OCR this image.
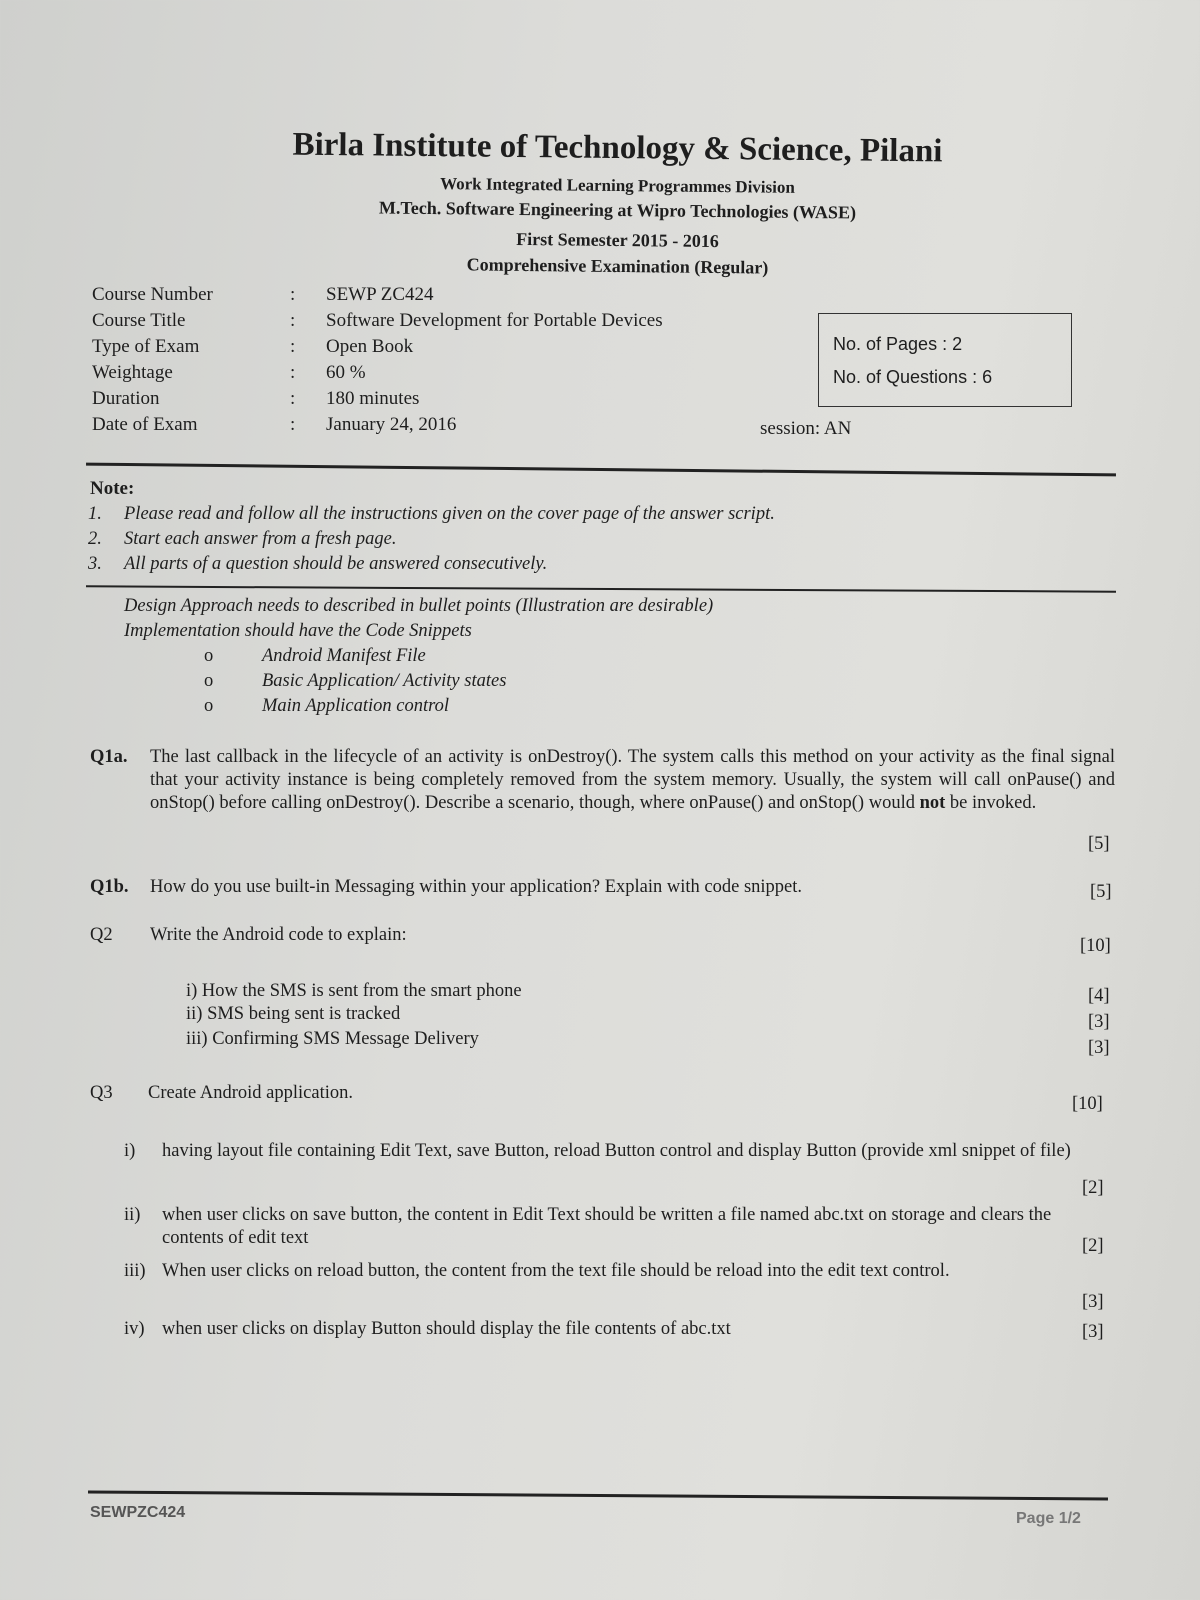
Birla Institute of Technology & Science, Pilani
Work Integrated Learning Programmes Division
M.Tech. Software Engineering at Wipro Technologies (WASE)
First Semester 2015 - 2016
Comprehensive Examination (Regular)
Course Number	:	SEWP ZC424
Course Title	:	Software Development for Portable Devices
Type of Exam	:	Open Book
Weightage	:	60 %
Duration	:	180 minutes
Date of Exam	:	January 24, 2016
No. of Pages : 2
No. of Questions : 6
session: AN
Note:
1.	Please read and follow all the instructions given on the cover page of the answer script.
2.	Start each answer from a fresh page.
3.	All parts of a question should be answered consecutively.
Design Approach needs to described in bullet points (Illustration are desirable)
Implementation should have the Code Snippets
o	Android Manifest File
o	Basic Application/ Activity states
o	Main Application control
Q1a.	The last callback in the lifecycle of an activity is onDestroy(). The system calls this method on your activity as the final signal that your activity instance is being completely removed from the system memory. Usually, the system will call onPause() and onStop() before calling onDestroy(). Describe a scenario, though, where onPause() and onStop() would not be invoked.
[5]
Q1b.	How do you use built-in Messaging within your application? Explain with code snippet.	[5]
Q2	Write the Android code to explain:
[10]
i) How the SMS is sent from the smart phone	[4]
ii) SMS being sent is tracked	[3]
iii) Confirming SMS Message Delivery	[3]
Q3	Create Android application.
[10]
i)	having layout file containing Edit Text, save Button, reload Button control and display Button (provide xml snippet of file)
[2]
ii)	when user clicks on save button, the content in Edit Text should be written a file named abc.txt on storage and clears the contents of edit text	[2]
iii) When user clicks on reload button, the content from the text file should be reload into the edit text control.
[3]
iv) when user clicks on display Button should display the file contents of abc.txt	[3]
SEWPZC424	Page 1/2
